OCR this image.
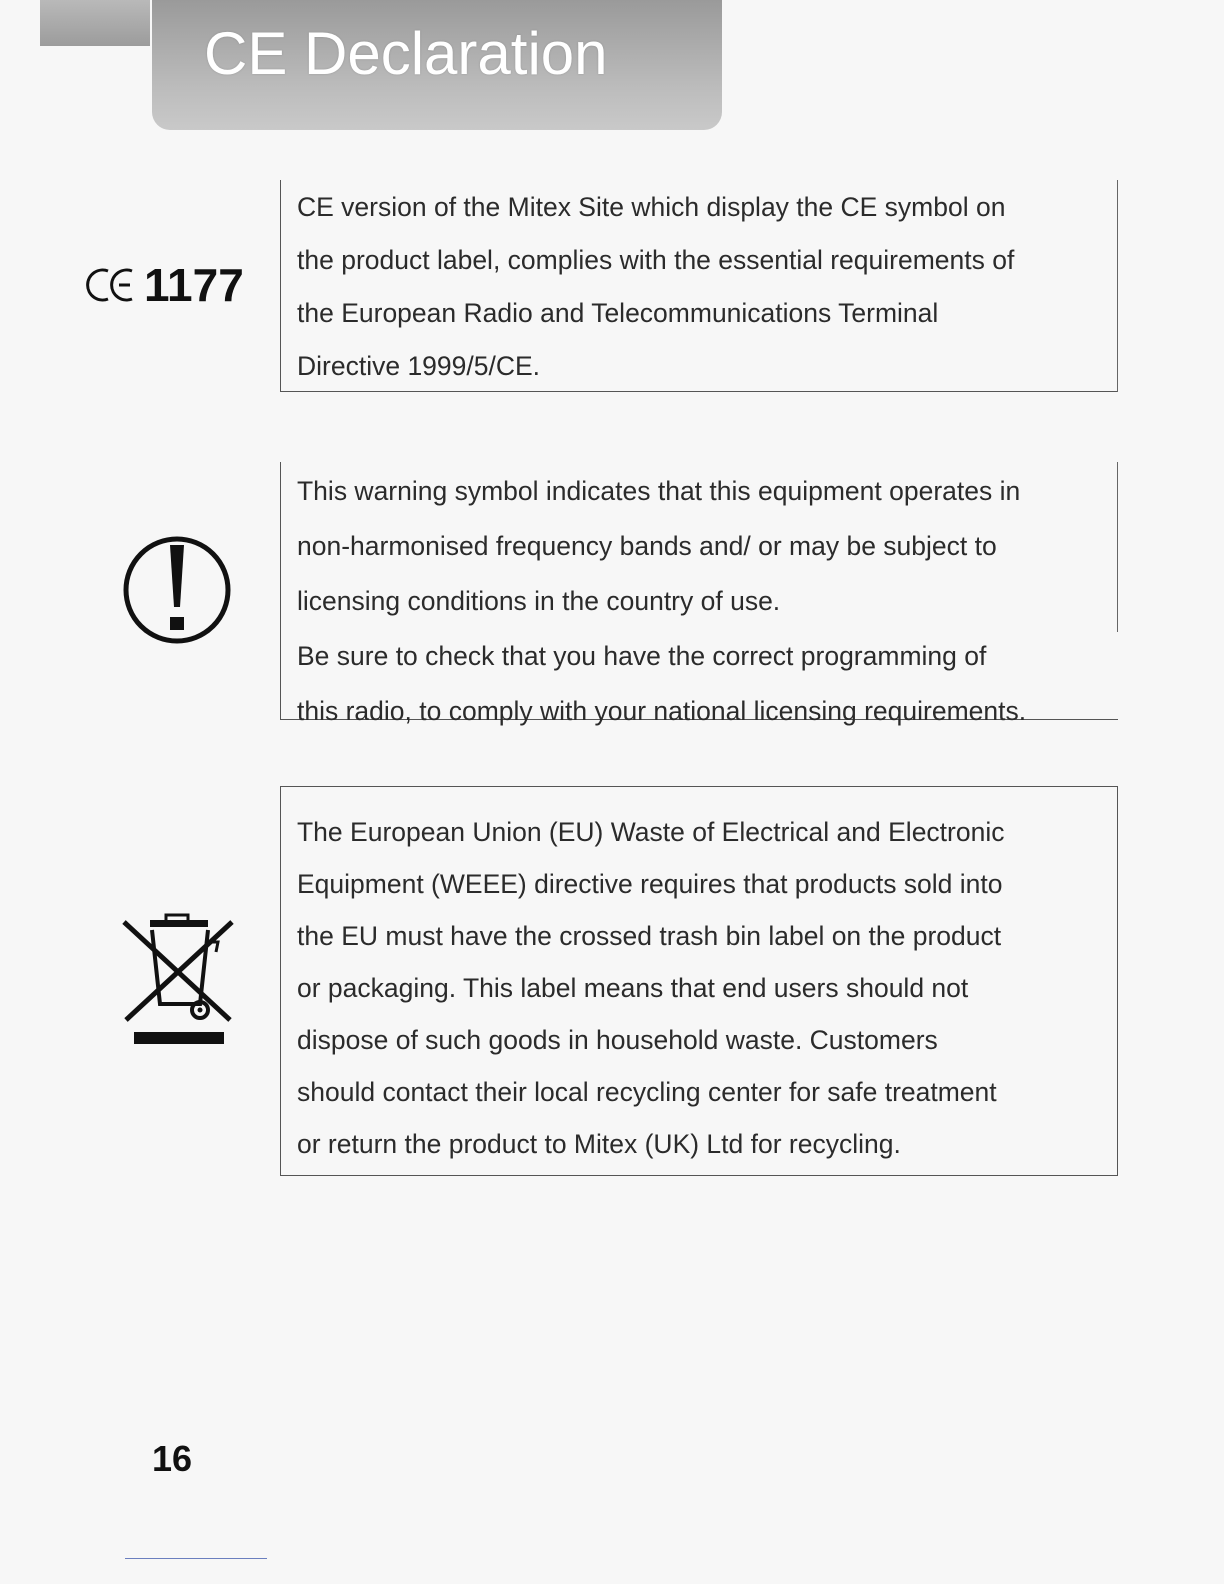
CE Declaration
1177

CE version of the Mitex Site which display the CE symbol on

the product label, complies with the essential requirements of

the European Radio and Telecommunications Terminal

Directive 1999/5/CE.

This warning symbol indicates that this equipment operates in

non-harmonised frequency bands and/ or may be subject to

licensing conditions in the country of use.

Be sure to check that you have the correct programming of

this radio, to comply with your national licensing requirements.

The European Union (EU) Waste of Electrical and Electronic

Equipment (WEEE) directive requires that products sold into

the EU must have the crossed trash bin label on the product

or packaging. This label means that end users should not

dispose of such goods in household waste. Customers

should contact their local recycling center for safe treatment

or return the product to Mitex (UK) Ltd for recycling.

16
